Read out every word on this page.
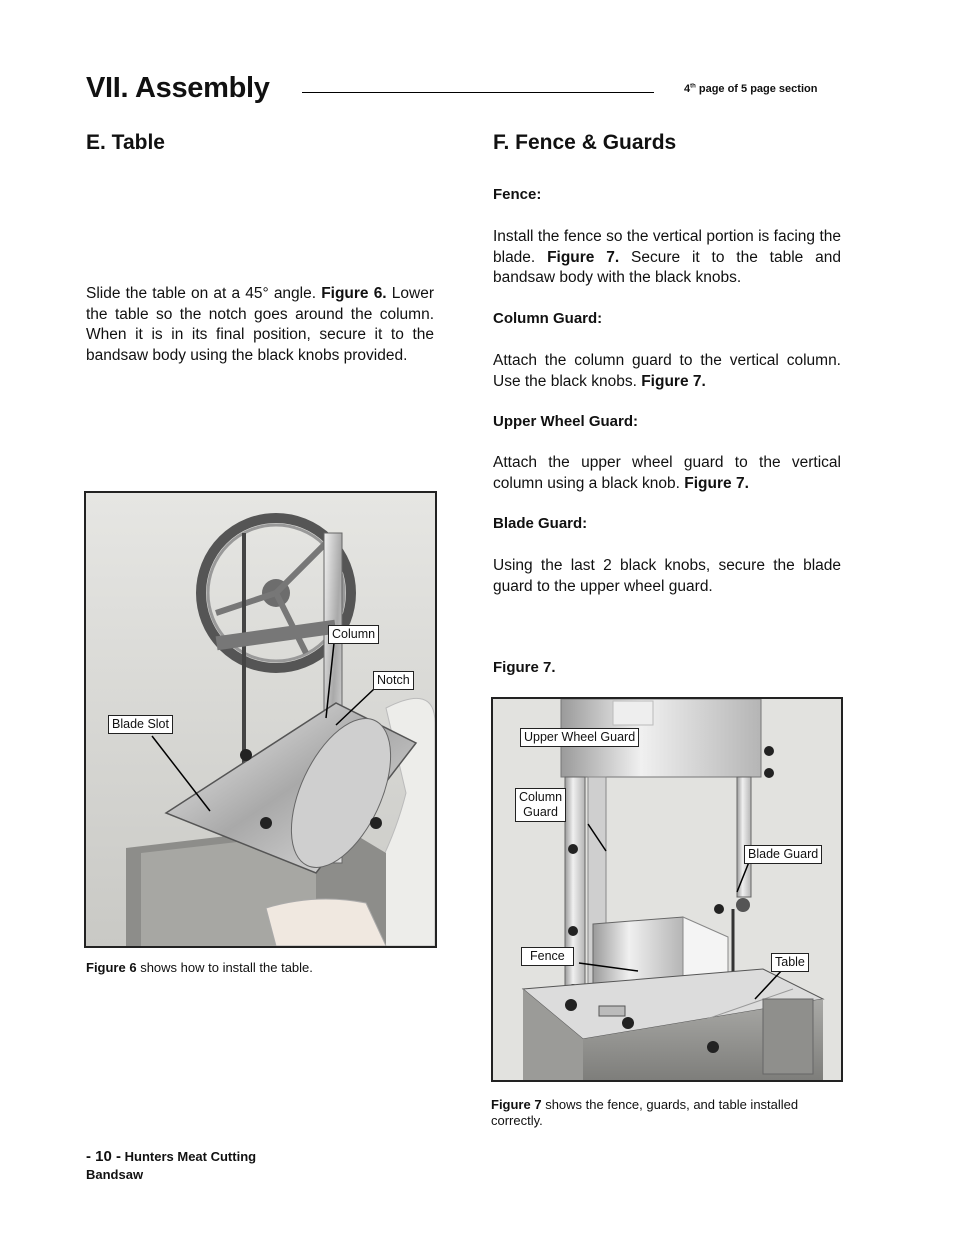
VII. Assembly	4th page of 5 page section
E. Table
Slide the table on at a 45° angle. Figure 6. Lower the table so the notch goes around the column. When it is in its final position, secure it to the bandsaw body using the black knobs provided.
Column
Notch
Blade Slot
Figure 6 shows how to install the table.
F. Fence & Guards
Fence:
Install the fence so the vertical portion is facing the blade. Figure 7. Secure it to the table and bandsaw body with the black knobs.
Column Guard:
Attach the column guard to the vertical column. Use the black knobs. Figure 7.
Upper Wheel Guard:
Attach the upper wheel guard to the vertical column using a black knob. Figure 7.
Blade Guard:
Using the last 2 black knobs, secure the blade guard to the upper wheel guard.
Figure 7.
Upper Wheel Guard
Column
Guard
Blade Guard
Fence	Table
Figure 7 shows the fence, guards, and table installed correctly.
- 10 - Hunters Meat Cutting
Bandsaw
